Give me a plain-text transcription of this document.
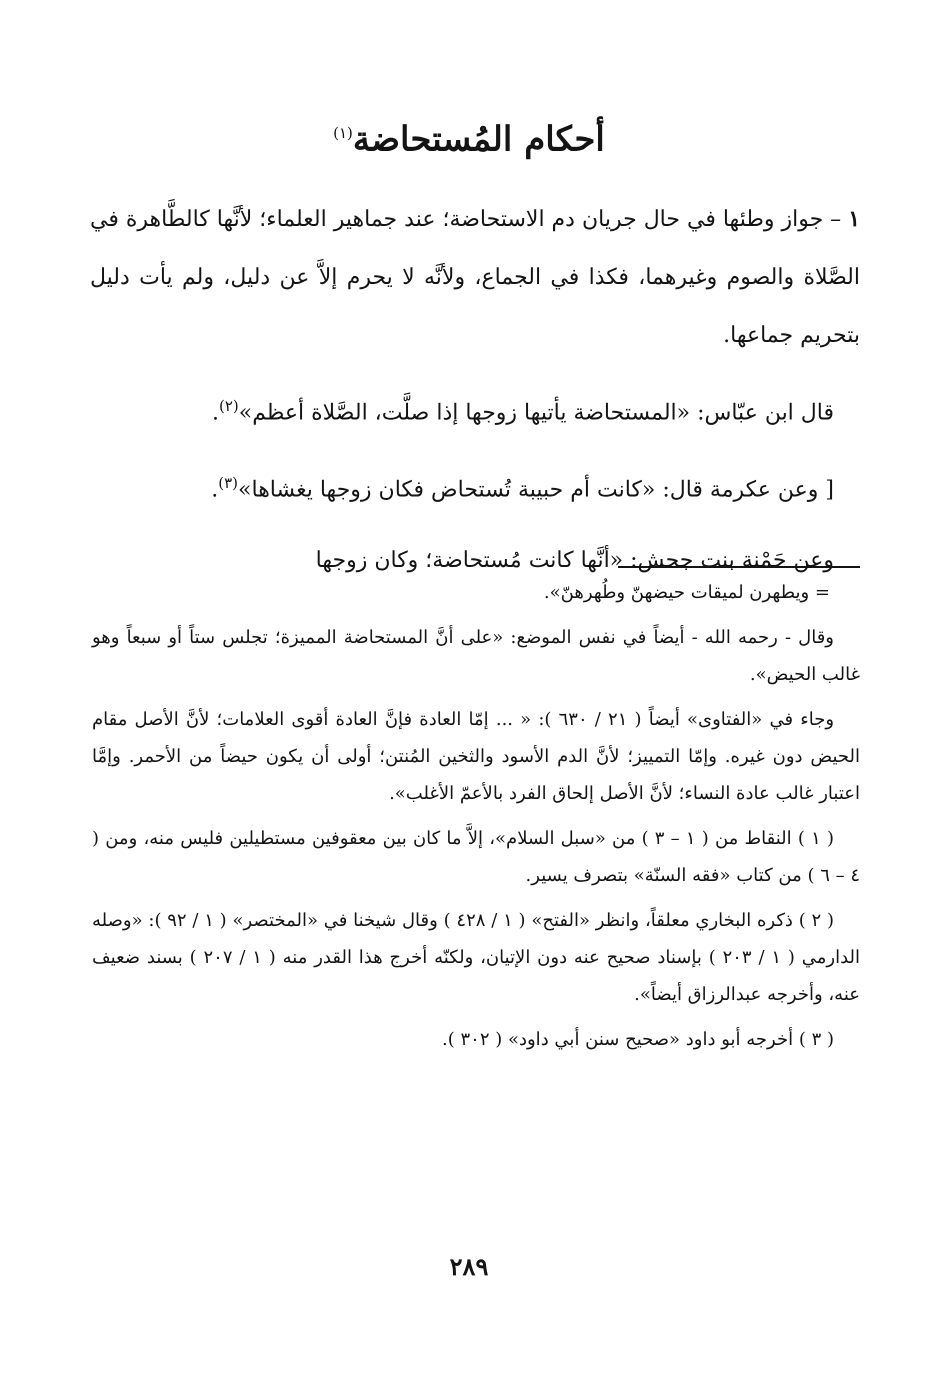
أحكام المُستحاضة$^{(١)}$

١ – جواز وطئها في حال جريان دم الاستحاضة؛ عند جماهير العلماء؛ لأنَّها كالطَّاهرة في الصَّلاة والصوم وغيرهما، فكذا في الجماع، ولأنَّه لا يحرم إلاَّ عن دليل، ولم يأت دليل بتحريم جماعها.

قال ابن عبّاس: «المستحاضة يأتيها زوجها إذا صلَّت، الصَّلاة أعظم»$^{(٢)}$.

[ وعن عكرمة قال: «كانت أم حبيبة تُستحاض فكان زوجها يغشاها»$^{(٣)}$.

وعن حَمْنة بنت جحش: «أنَّها كانت مُستحاضة؛ وكان زوجها

= ويطهرن لميقات حيضهنّ وطُهرهنّ».

وقال - رحمه الله - أيضاً في نفس الموضع: «على أنَّ المستحاضة المميزة؛ تجلس ستاً أو سبعاً وهو غالب الحيض».

وجاء في «الفتاوى» أيضاً ( ٢١ / ٦٣٠ ): « ... إمّا العادة فإنَّ العادة أقوى العلامات؛ لأنَّ الأصل مقام الحيض دون غيره. وإمّا التمييز؛ لأنَّ الدم الأسود والثخين المُنتن؛ أولى أن يكون حيضاً من الأحمر. وإمَّا اعتبار غالب عادة النساء؛ لأنَّ الأصل إلحاق الفرد بالأعمّ الأغلب».

( ١ ) النقاط من ( ١ – ٣ ) من «سبل السلام»، إلاَّ ما كان بين معقوفين مستطيلين فليس منه، ومن ( ٤ – ٦ ) من كتاب «فقه السنّة» بتصرف يسير.

( ٢ ) ذكره البخاري معلقاً، وانظر «الفتح» ( ١ / ٤٢٨ ) وقال شيخنا في «المختصر» ( ١ / ٩٢ ): «وصله الدارمي ( ١ / ٢٠٣ ) بإسناد صحيح عنه دون الإتيان، ولكنّه أخرج هذا القدر منه ( ١ / ٢٠٧ ) بسند ضعيف عنه، وأخرجه عبدالرزاق أيضاً».

( ٣ ) أخرجه أبو داود «صحيح سنن أبي داود» ( ٣٠٢ ).

٢٨٩
